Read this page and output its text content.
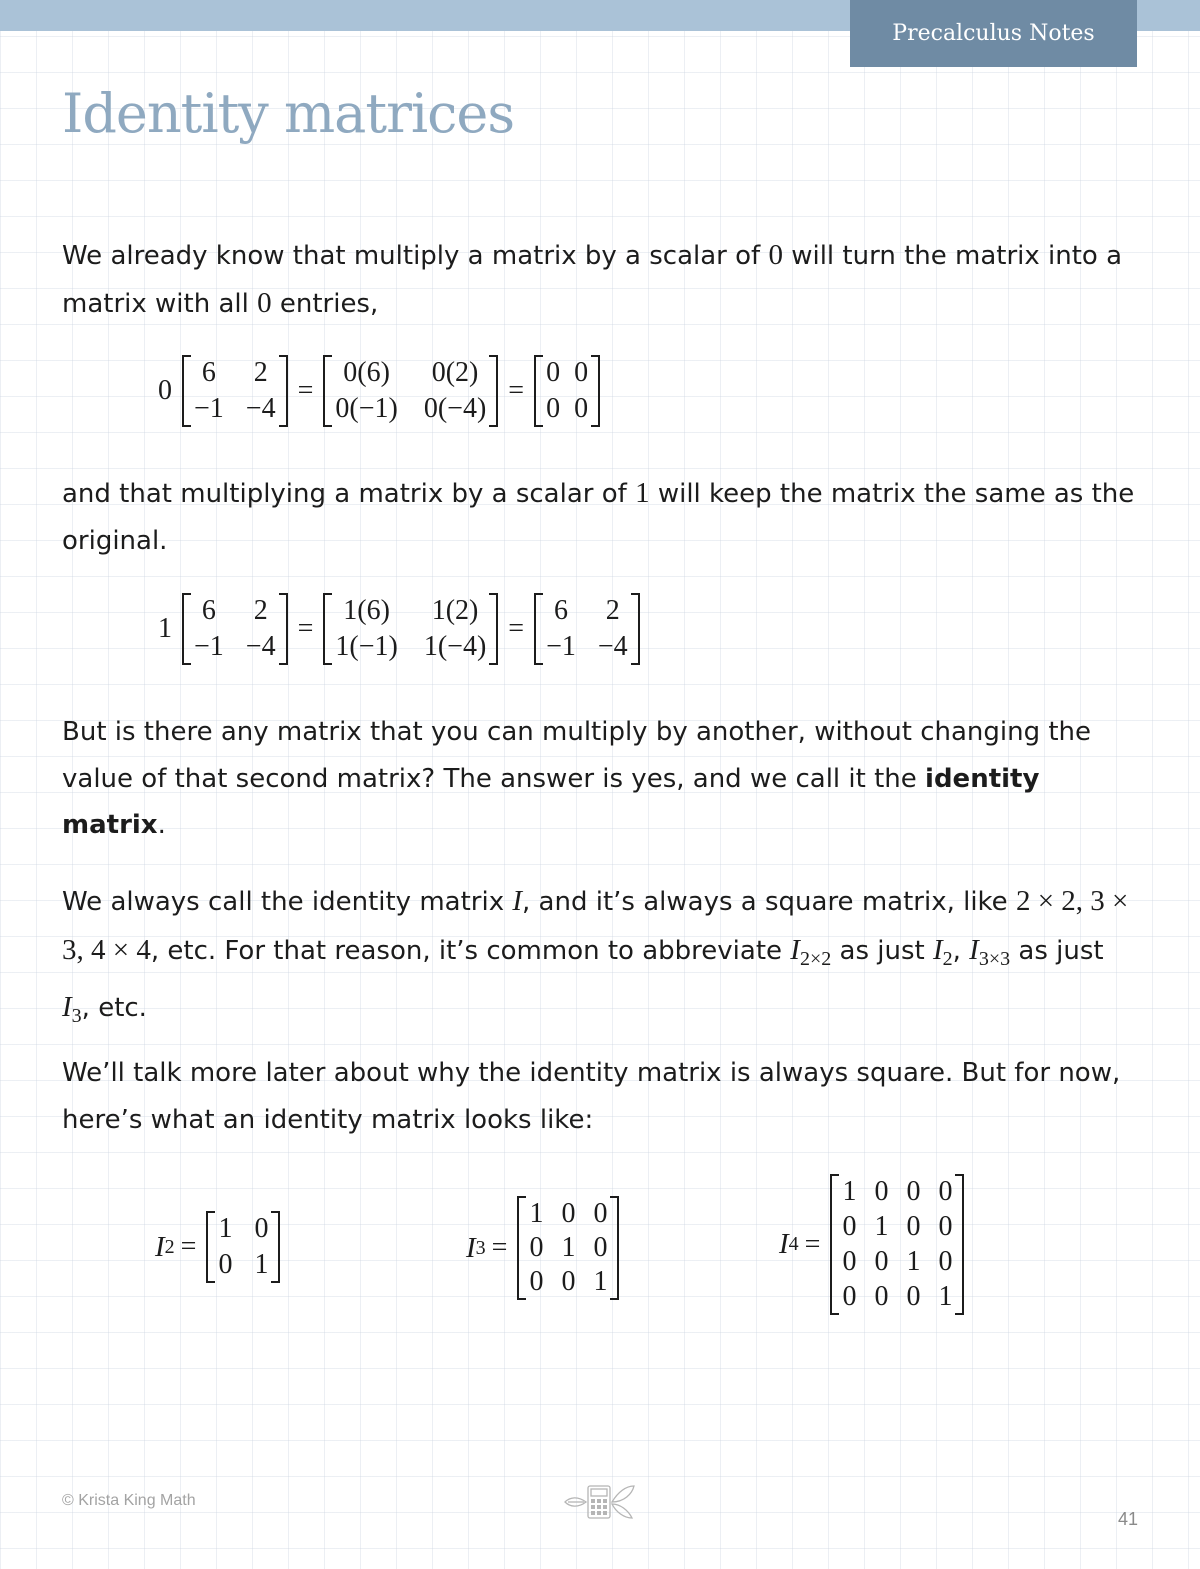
Precalculus Notes
Identity matrices

We already know that multiply a matrix by a scalar of 0 will turn the matrix into a matrix with all 0 entries,

0
6 2
−1 −4
=
0(6) 0(2)
0(−1) 0(−4)
=
0 0
0 0

and that multiplying a matrix by a scalar of 1 will keep the matrix the same as the original.

1
6 2
−1 −4
=
1(6) 1(2)
1(−1) 1(−4)
=
6 2
−1 −4

But is there any matrix that you can multiply by another, without changing the value of that second matrix? The answer is yes, and we call it the identity matrix.

We always call the identity matrix I, and it’s always a square matrix, like 2 × 2, 3 × 3, 4 × 4, etc. For that reason, it’s common to abbreviate $I_{2\times 2}$ as just $I_2$, $I_{3\times 3}$ as just $I_3$, etc.

We’ll talk more later about why the identity matrix is always square. But for now, here’s what an identity matrix looks like:

I 2 =
1 0
0 1
I 3 =
1 0 0
0 1 0
0 0 1
I 4 =
1 0 0 0
0 1 0 0
0 0 1 0
0 0 0 1
© Krista King Math
41
